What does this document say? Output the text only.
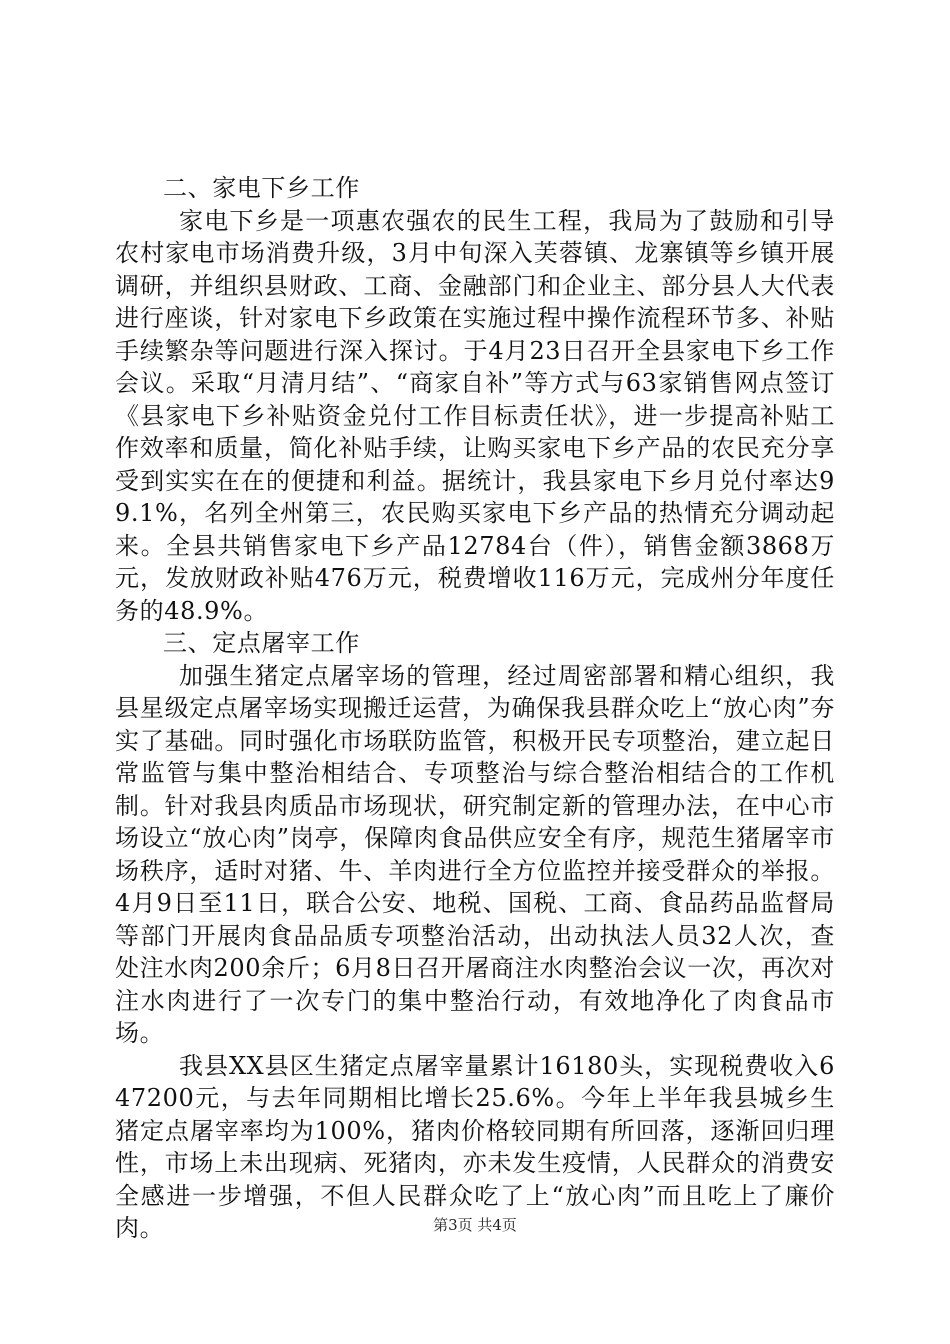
二、家电下乡工作

家电下乡是一项惠农强农的民生工程，我局为了鼓励和引导农村家电市场消费升级，3月中旬深入芙蓉镇、龙寨镇等乡镇开展调研，并组织县财政、工商、金融部门和企业主、部分县人大代表进行座谈，针对家电下乡政策在实施过程中操作流程环节多、补贴手续繁杂等问题进行深入探讨。于4月23日召开全县家电下乡工作会议。采取“月清月结”、“商家自补”等方式与63家销售网点签订《县家电下乡补贴资金兑付工作目标责任状》，进一步提高补贴工作效率和质量，简化补贴手续，让购买家电下乡产品的农民充分享受到实实在在的便捷和利益。据统计，我县家电下乡月兑付率达99.1%，名列全州第三，农民购买家电下乡产品的热情充分调动起来。全县共销售家电下乡产品12784台（件），销售金额3868万元，发放财政补贴476万元，税费增收116万元，完成州分年度任务的48.9%。

三、定点屠宰工作

加强生猪定点屠宰场的管理，经过周密部署和精心组织，我县星级定点屠宰场实现搬迁运营，为确保我县群众吃上“放心肉”夯实了基础。同时强化市场联防监管，积极开民专项整治，建立起日常监管与集中整治相结合、专项整治与综合整治相结合的工作机制。针对我县肉质品市场现状，研究制定新的管理办法，在中心市场设立“放心肉”岗亭，保障肉食品供应安全有序，规范生猪屠宰市场秩序，适时对猪、牛、羊肉进行全方位监控并接受群众的举报。4月9日至11日，联合公安、地税、国税、工商、食品药品监督局等部门开展肉食品品质专项整治活动，出动执法人员32人次，查处注水肉200余斤；6月8日召开屠商注水肉整治会议一次，再次对注水肉进行了一次专门的集中整治行动，有效地净化了肉食品市场。

我县XX县区生猪定点屠宰量累计16180头，实现税费收入647200元，与去年同期相比增长25.6%。今年上半年我县城乡生猪定点屠宰率均为100%，猪肉价格较同期有所回落，逐渐回归理性，市场上未出现病、死猪肉，亦未发生疫情，人民群众的消费安全感进一步增强，不但人民群众吃了上“放心肉”而且吃上了廉价肉。	第3页 共4页
